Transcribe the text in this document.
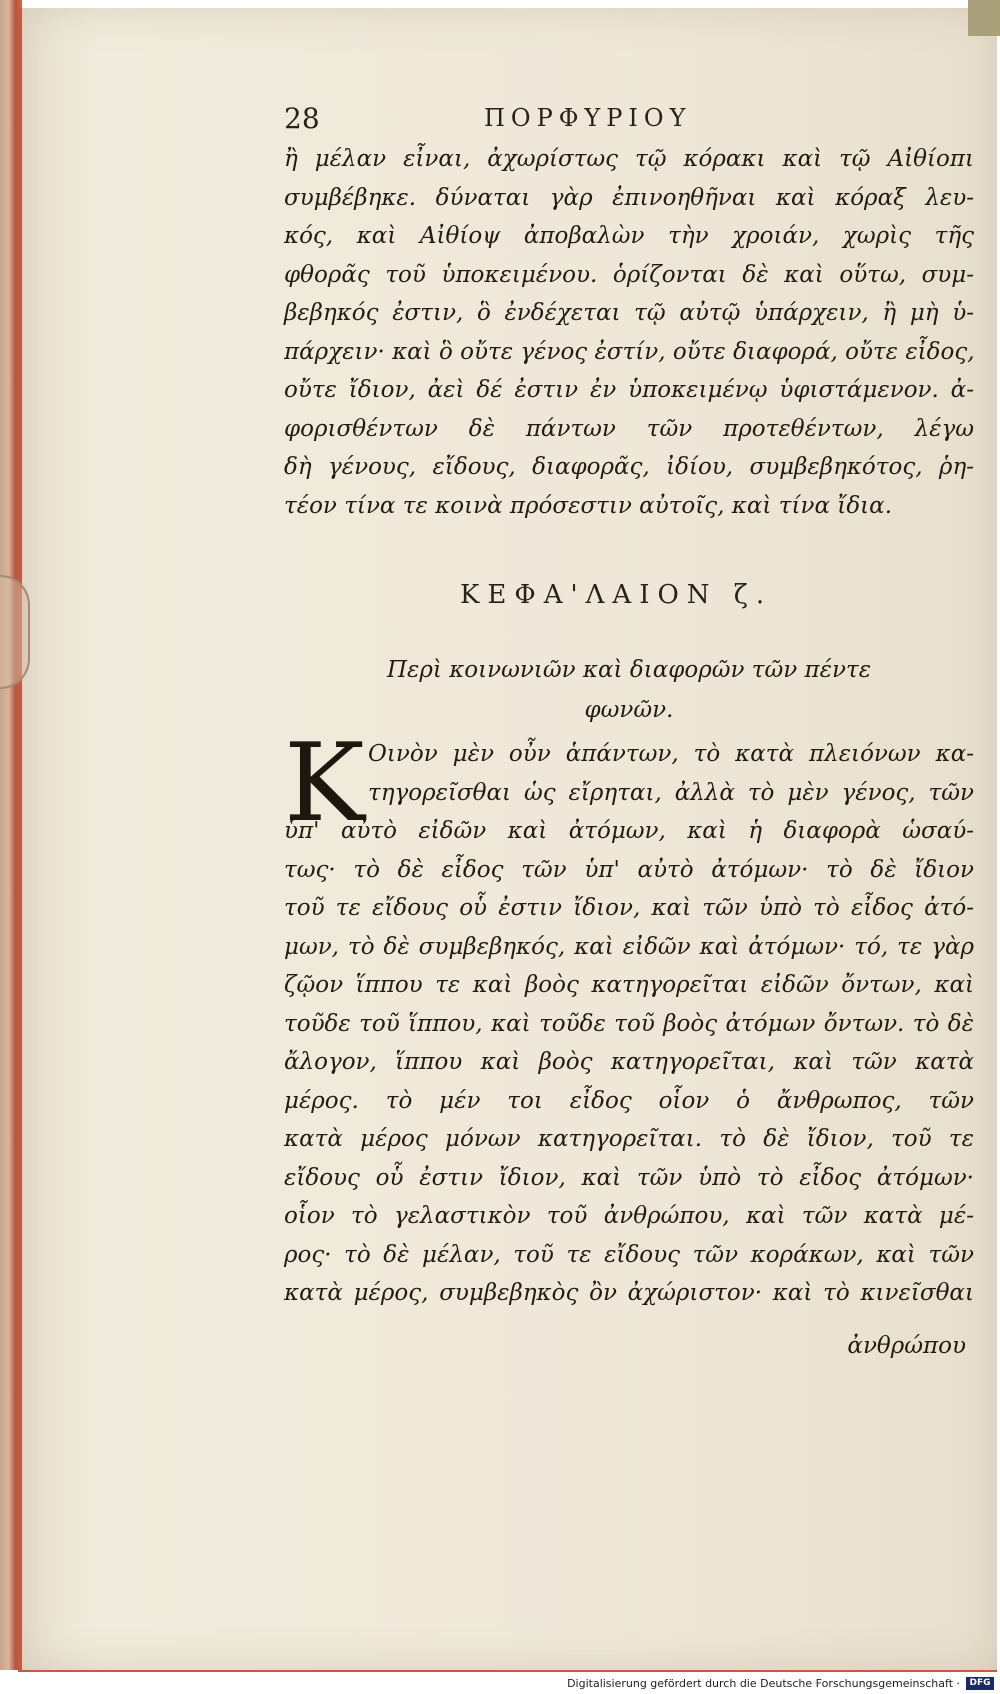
28	ΠΟΡΦΥΡΙΟΥ
ἢ μέλαν εἶναι, ἀχωρίστως τῷ κόρακι καὶ τῷ Αἰθίοπι
συμβέβηκε. δύναται γὰρ ἐπινοηθῆναι καὶ κόραξ λευ-
κός, καὶ Αἰθίοψ ἀποβαλὼν τὴν χροιάν, χωρὶς τῆς
φθορᾶς τοῦ ὑποκειμένου. ὁρίζονται δὲ καὶ οὕτω, συμ-
βεβηκός ἐστιν, ὃ ἐνδέχεται τῷ αὐτῷ ὑπάρχειν, ἢ μὴ ὑ-
πάρχειν· καὶ ὃ οὔτε γένος ἐστίν, οὔτε διαφορά, οὔτε εἶδος,
οὔτε ἴδιον, ἀεὶ δέ ἐστιν ἐν ὑποκειμένῳ ὑφιστάμενον. ἀ-
φορισθέντων δὲ πάντων τῶν προτεθέντων, λέγω
δὴ γένους, εἴδους, διαφορᾶς, ἰδίου, συμβεβηκότος, ῥη-
τέον τίνα τε κοινὰ πρόσεστιν αὐτοῖς, καὶ τίνα ἴδια.
ΚΕΦΑ'ΛΑΙΟΝ ζ.
Περὶ κοινωνιῶν καὶ διαφορῶν τῶν πέντε
φωνῶν.
K Οινὸν μὲν οὖν ἁπάντων, τὸ κατὰ πλειόνων κα-
τηγορεῖσθαι ὡς εἴρηται, ἀλλὰ τὸ μὲν γένος, τῶν
ὑπ' αὐτὸ εἰδῶν καὶ ἀτόμων, καὶ ἡ διαφορὰ ὡσαύ-
τως· τὸ δὲ εἶδος τῶν ὑπ' αὐτὸ ἀτόμων· τὸ δὲ ἴδιον
τοῦ τε εἴδους οὗ ἐστιν ἴδιον, καὶ τῶν ὑπὸ τὸ εἶδος ἀτό-
μων, τὸ δὲ συμβεβηκός, καὶ εἰδῶν καὶ ἀτόμων· τό, τε γὰρ
ζῷον ἵππου τε καὶ βοὸς κατηγορεῖται εἰδῶν ὄντων, καὶ
τοῦδε τοῦ ἵππου, καὶ τοῦδε τοῦ βοὸς ἀτόμων ὄντων. τὸ δὲ
ἄλογον, ἵππου καὶ βοὸς κατηγορεῖται, καὶ τῶν κατὰ
μέρος. τὸ μέν τοι εἶδος οἷον ὁ ἄνθρωπος, τῶν
κατὰ μέρος μόνων κατηγορεῖται. τὸ δὲ ἴδιον, τοῦ τε
εἴδους οὗ ἐστιν ἴδιον, καὶ τῶν ὑπὸ τὸ εἶδος ἀτόμων·
οἷον τὸ γελαστικὸν τοῦ ἀνθρώπου, καὶ τῶν κατὰ μέ-
ρος· τὸ δὲ μέλαν, τοῦ τε εἴδους τῶν κοράκων, καὶ τῶν
κατὰ μέρος, συμβεβηκὸς ὂν ἀχώριστον· καὶ τὸ κινεῖσθαι
ἀνθρώπου
Digitalisierung gefördert durch die Deutsche Forschungsgemeinschaft ·	DFG
